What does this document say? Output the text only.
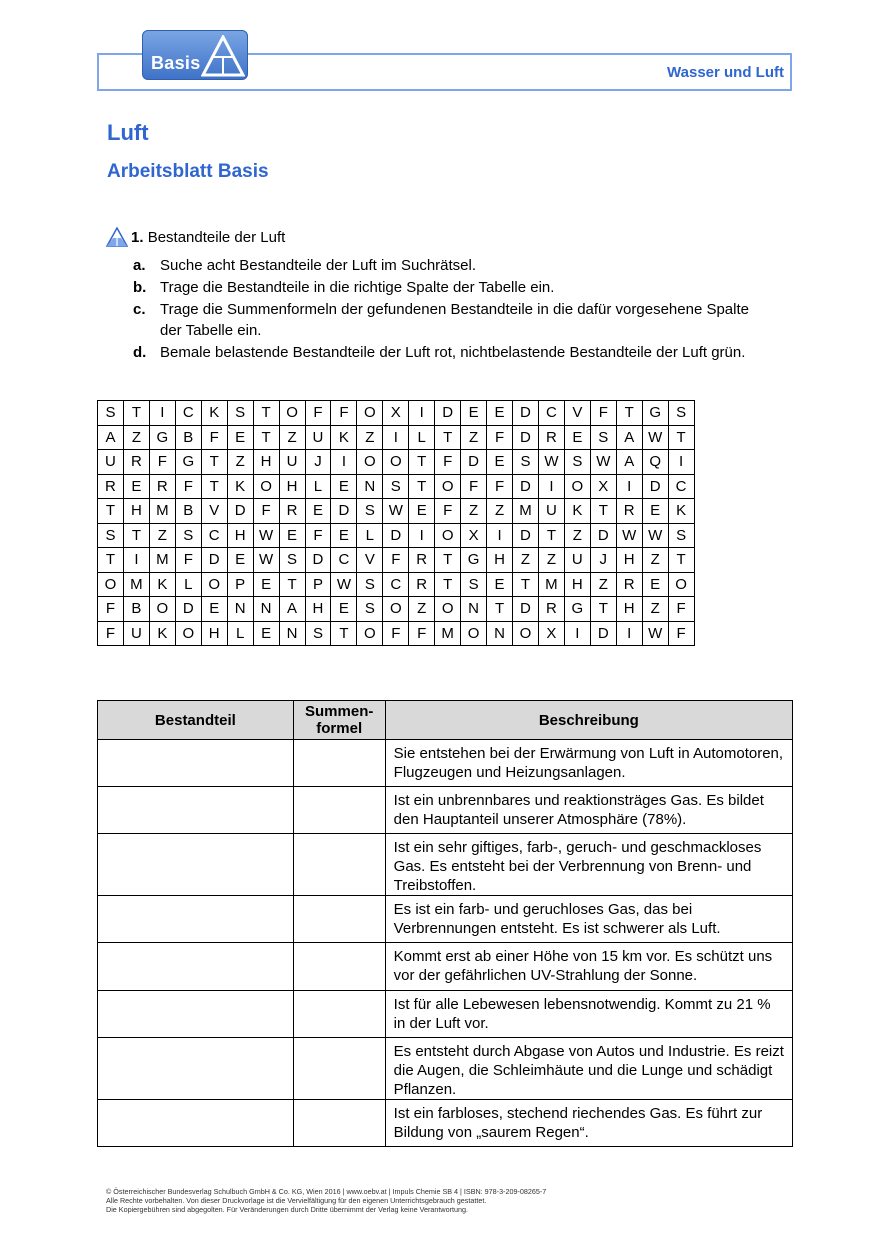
Basis	Wasser und Luft
Luft
Arbeitsblatt Basis
1. Bestandteile der Luft
a. Suche acht Bestandteile der Luft im Suchrätsel.
b. Trage die Bestandteile in die richtige Spalte der Tabelle ein.
c. Trage die Summenformeln der gefundenen Bestandteile in die dafür vorgesehene Spalte der Tabelle ein.
d. Bemale belastende Bestandteile der Luft rot, nichtbelastende Bestandteile der Luft grün.
S	T	I	C	K	S	T	O	F	F	O	X	I	D	E	E	D	C	V	F	T	G	S
A	Z	G	B	F	E	T	Z	U	K	Z	I	L	T	Z	F	D	R	E	S	A	W	T
U	R	F	G	T	Z	H	U	J	I	O	O	T	F	D	E	S	W	S	W	A	Q	I
R	E	R	F	T	K	O	H	L	E	N	S	T	O	F	F	D	I	O	X	I	D	C
T	H	M	B	V	D	F	R	E	D	S	W	E	F	Z	Z	M	U	K	T	R	E	K
S	T	Z	S	C	H	W	E	F	E	L	D	I	O	X	I	D	T	Z	D	W	W	S
T	I	M	F	D	E	W	S	D	C	V	F	R	T	G	H	Z	Z	U	J	H	Z	T
O	M	K	L	O	P	E	T	P	W	S	C	R	T	S	E	T	M	H	Z	R	E	O
F	B	O	D	E	N	N	A	H	E	S	O	Z	O	N	T	D	R	G	T	H	Z	F
F	U	K	O	H	L	E	N	S	T	O	F	F	M	O	N	O	X	I	D	I	W	F
Bestandteil	Summen-formel	Beschreibung
		Sie entstehen bei der Erwärmung von Luft in Automotoren, Flugzeugen und Heizungsanlagen.
		Ist ein unbrennbares und reaktionsträges Gas. Es bildet den Hauptanteil unserer Atmosphäre (78%).
		Ist ein sehr giftiges, farb-, geruch- und geschmackloses Gas. Es entsteht bei der Verbrennung von Brenn- und Treibstoffen.
		Es ist ein farb- und geruchloses Gas, das bei Verbrennungen entsteht. Es ist schwerer als Luft.
		Kommt erst ab einer Höhe von 15 km vor. Es schützt uns vor der gefährlichen UV-Strahlung der Sonne.
		Ist für alle Lebewesen lebensnotwendig. Kommt zu 21 % in der Luft vor.
		Es entsteht durch Abgase von Autos und Industrie. Es reizt die Augen, die Schleimhäute und die Lunge und schädigt Pflanzen.
		Ist ein farbloses, stechend riechendes Gas. Es führt zur Bildung von „saurem Regen“.
© Österreichischer Bundesverlag Schulbuch GmbH & Co. KG, Wien 2016 | www.oebv.at | Impuls Chemie SB 4 | ISBN: 978-3-209-08265-7
Alle Rechte vorbehalten. Von dieser Druckvorlage ist die Vervielfältigung für den eigenen Unterrichtsgebrauch gestattet.
Die Kopiergebühren sind abgegolten. Für Veränderungen durch Dritte übernimmt der Verlag keine Verantwortung.
